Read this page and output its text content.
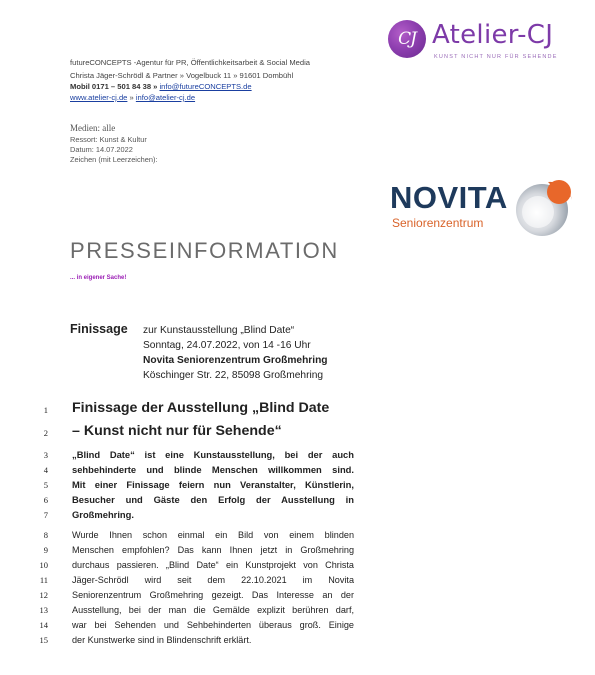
CJ Atelier-CJ
KUNST NICHT NUR FÜR SEHENDE
futureCONCEPTS -Agentur für PR, Öffentlichkeitsarbeit & Social Media
Christa Jäger-Schrödl & Partner » Vogelbuck 11 » 91601 Dombühl
Mobil 0171 – 501 84 38 » info@futureCONCEPTS.de
www.atelier-cj.de » info@atelier-cj.de
Medien: alle
Ressort: Kunst & Kultur
Datum: 14.07.2022
Zeichen (mit Leerzeichen):
NOVITA
Seniorenzentrum
PRESSEINFORMATION
... in eigener Sache!
Finissage zur Kunstausstellung „Blind Date“
Sonntag, 24.07.2022, von 14 -16 Uhr
Novita Seniorenzentrum Großmehring
Köschinger Str. 22, 85098 Großmehring
1
2
3
4
5
6
7
8
9
10
11
12
13
14
15
Finissage der Ausstellung „Blind Date
– Kunst nicht nur für Sehende“
„Blind Date“ ist eine Kunstausstellung, bei der auch
sehbehinderte und blinde Menschen willkommen sind.
Mit einer Finissage feiern nun Veranstalter, Künstlerin,
Besucher und Gäste den Erfolg der Ausstellung in
Großmehring.
Wurde Ihnen schon einmal ein Bild von einem blinden
Menschen empfohlen? Das kann Ihnen jetzt in Großmehring
durchaus passieren. „Blind Date“ ein Kunstprojekt von Christa
Jäger-Schrödl wird seit dem 22.10.2021 im Novita
Seniorenzentrum Großmehring gezeigt. Das Interesse an der
Ausstellung, bei der man die Gemälde explizit berühren darf,
war bei Sehenden und Sehbehinderten überaus groß. Einige
der Kunstwerke sind in Blindenschrift erklärt.
